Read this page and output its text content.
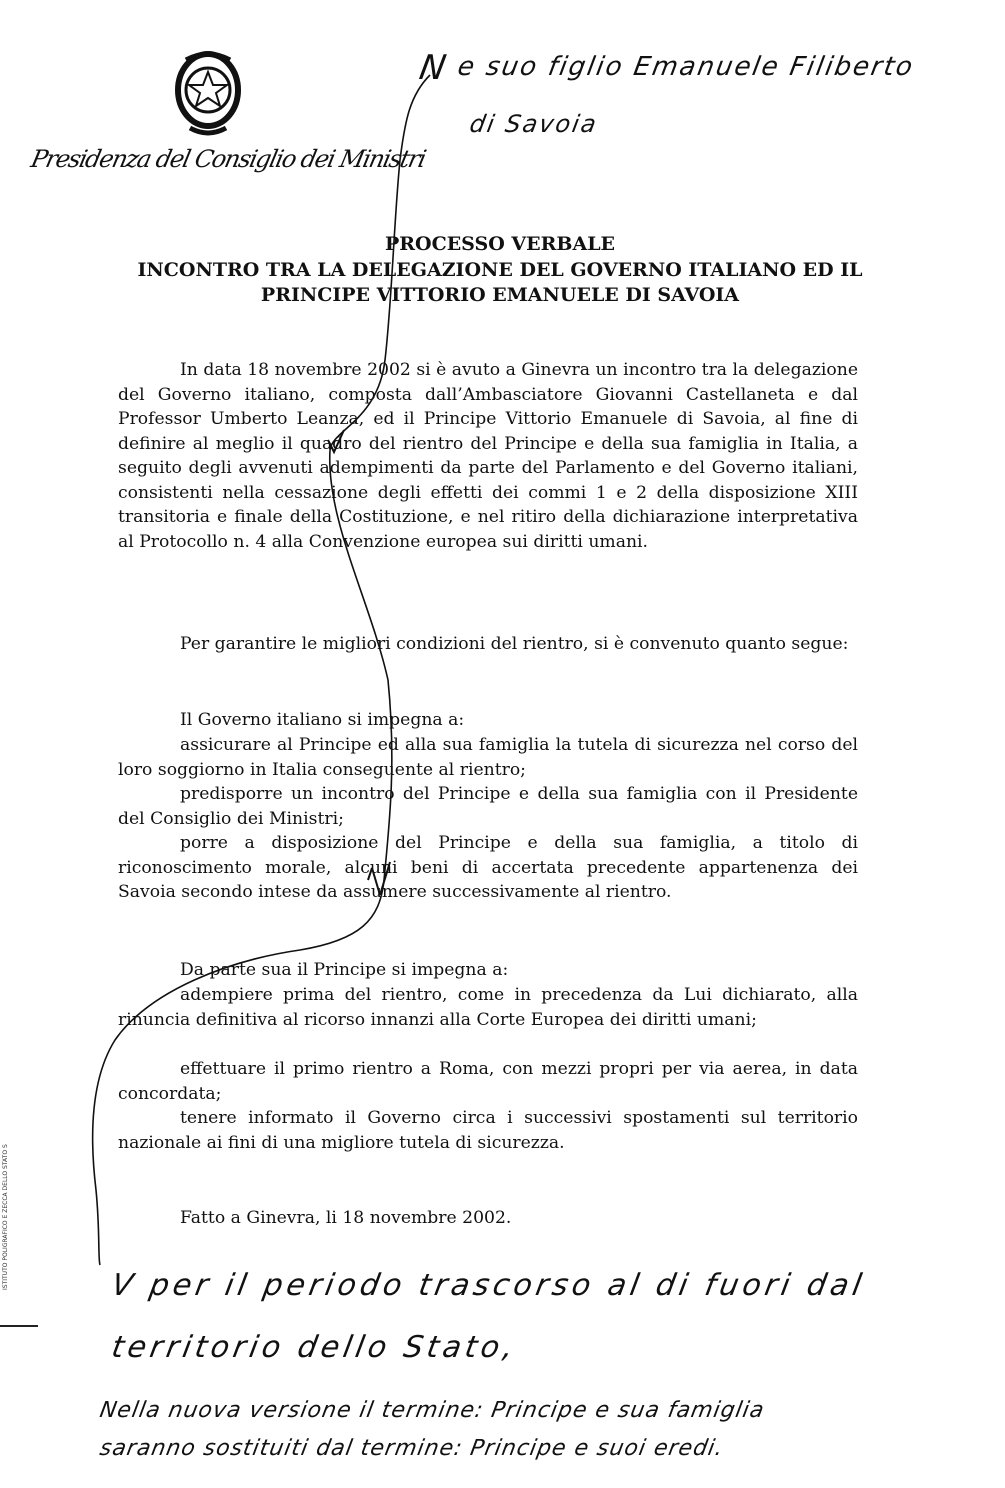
Presidenza del Consiglio dei Ministri
N e suo figlio Emanuele Filiberto
di Savoia
PROCESSO VERBALE
INCONTRO TRA LA DELEGAZIONE DEL GOVERNO ITALIANO ED IL
PRINCIPE VITTORIO EMANUELE DI SAVOIA
In data 18 novembre 2002 si è avuto a Ginevra un incontro tra la delegazione del Governo italiano, composta dall’Ambasciatore Giovanni Castellaneta e dal Professor Umberto Leanza, ed il Principe Vittorio Emanuele di Savoia, al fine di definire al meglio il quadro del rientro del Principe e della sua famiglia in Italia, a seguito degli avvenuti adempimenti da parte del Parlamento e del Governo italiani, consistenti nella cessazione degli effetti dei commi 1 e 2 della disposizione XIII transitoria e finale della Costituzione, e nel ritiro della dichiarazione interpretativa al Protocollo n. 4 alla Convenzione europea sui diritti umani.
Per garantire le migliori condizioni del rientro, si è convenuto quanto segue:
Il Governo italiano si impegna a:
assicurare al Principe ed alla sua famiglia la tutela di sicurezza nel corso del loro soggiorno in Italia conseguente al rientro;
predisporre un incontro del Principe e della sua famiglia con il Presidente del Consiglio dei Ministri;
porre a disposizione del Principe e della sua famiglia, a titolo di riconoscimento morale, alcuni beni di accertata precedente appartenenza dei Savoia secondo intese da assumere successivamente al rientro.
Da parte sua il Principe si impegna a:
adempiere prima del rientro, come in precedenza da Lui dichiarato, alla rinuncia definitiva al ricorso innanzi alla Corte Europea dei diritti umani;
effettuare il primo rientro a Roma, con mezzi propri per via aerea, in data concordata;
tenere informato il Governo circa i successivi spostamenti sul territorio nazionale ai fini di una migliore tutela di sicurezza.
Fatto a Ginevra, li 18 novembre 2002.
V per il periodo trascorso al di fuori dal
territorio dello Stato,
Nella nuova versione il termine: Principe e sua famiglia
saranno sostituiti dal termine: Principe e suoi eredi.
ISTITUTO POLIGRAFICO E ZECCA DELLO STATO S
